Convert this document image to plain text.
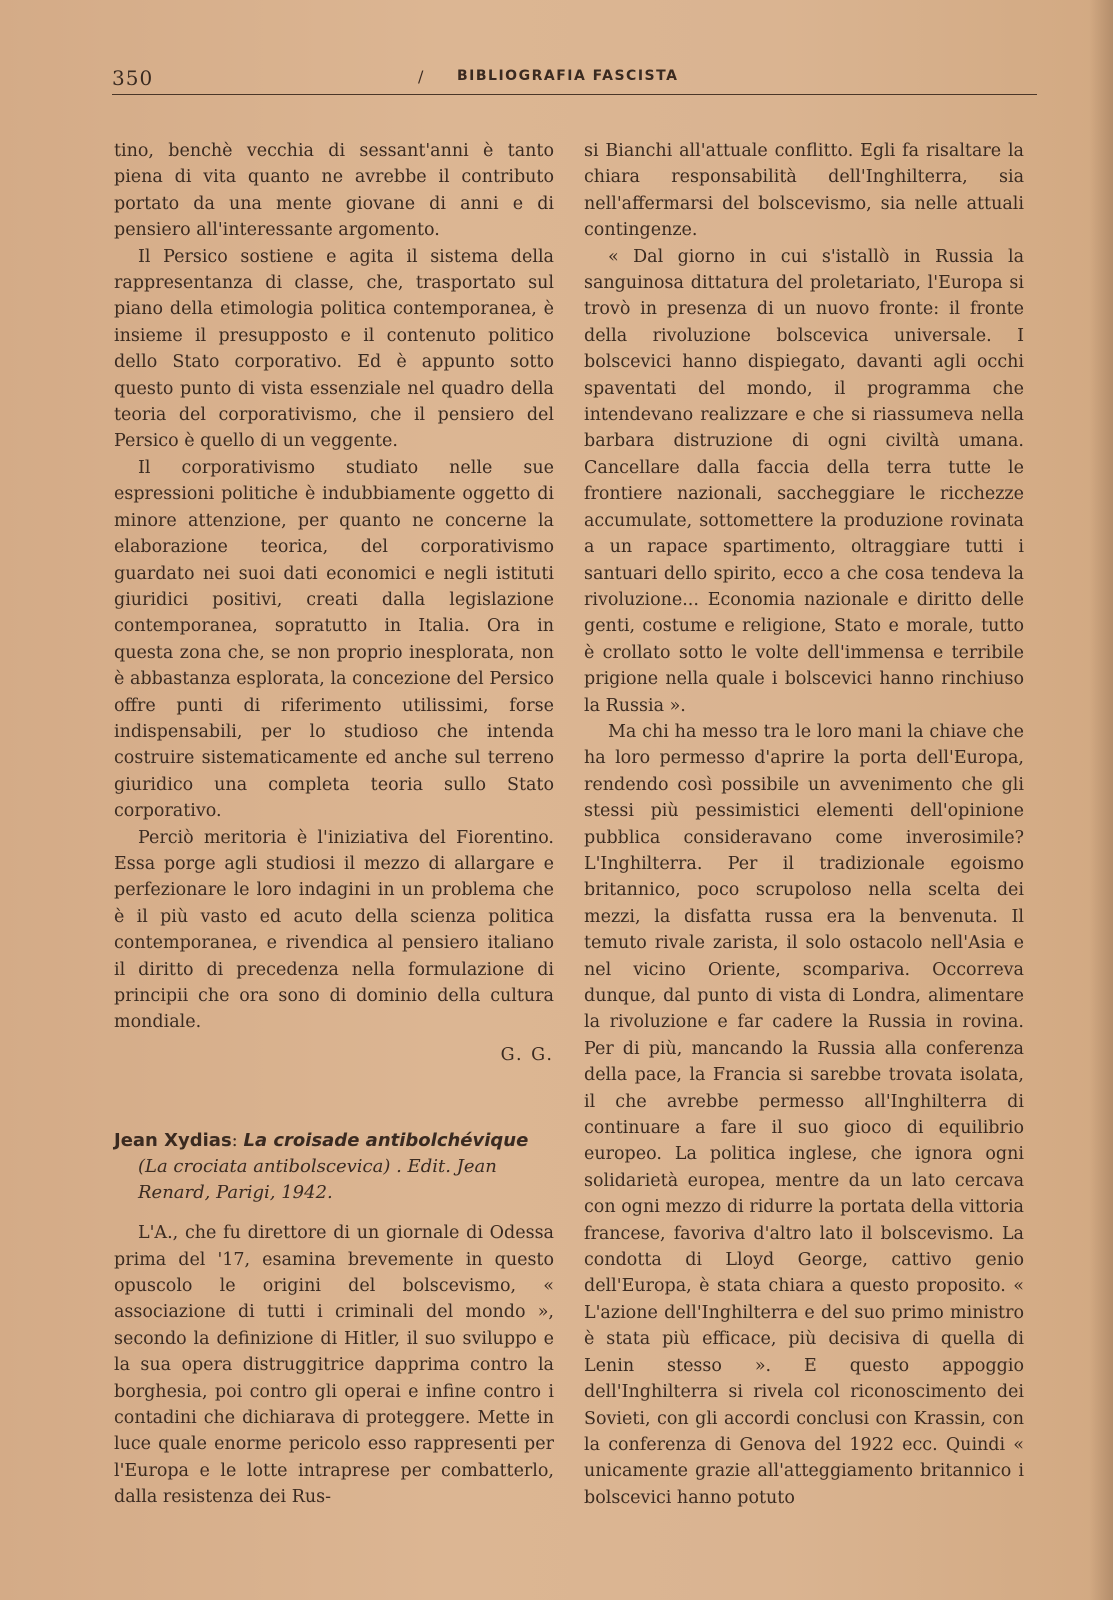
350	/ BIBLIOGRAFIA FASCISTA

tino, benchè vecchia di sessant'anni è tanto piena di vita quanto ne avrebbe il contributo portato da una mente giovane di anni e di pensiero all'interessante argomento.

Il Persico sostiene e agita il sistema della rappresentanza di classe, che, trasportato sul piano della etimologia politica contemporanea, è insieme il presupposto e il contenuto politico dello Stato corporativo. Ed è appunto sotto questo punto di vista essenziale nel quadro della teoria del corporativismo, che il pensiero del Persico è quello di un veggente.

Il corporativismo studiato nelle sue espressioni politiche è indubbiamente oggetto di minore attenzione, per quanto ne concerne la elaborazione teorica, del corporativismo guardato nei suoi dati economici e negli istituti giuridici positivi, creati dalla legislazione contemporanea, sopratutto in Italia. Ora in questa zona che, se non proprio inesplorata, non è abbastanza esplorata, la concezione del Persico offre punti di riferimento utilissimi, forse indispensabili, per lo studioso che intenda costruire sistematicamente ed anche sul terreno giuridico una completa teoria sullo Stato corporativo.

Perciò meritoria è l'iniziativa del Fiorentino. Essa porge agli studiosi il mezzo di allargare e perfezionare le loro indagini in un problema che è il più vasto ed acuto della scienza politica contemporanea, e rivendica al pensiero italiano il diritto di precedenza nella formulazione di principii che ora sono di dominio della cultura mondiale.

G. G.

Jean Xydias: La croisade antibolchévique (La crociata antibolscevica) . Edit. Jean Renard, Parigi, 1942.

L'A., che fu direttore di un giornale di Odessa prima del '17, esamina brevemente in questo opuscolo le origini del bolscevismo, « associazione di tutti i criminali del mondo », secondo la definizione di Hitler, il suo sviluppo e la sua opera distruggitrice dapprima contro la borghesia, poi contro gli operai e infine contro i contadini che dichiarava di proteggere. Mette in luce quale enorme pericolo esso rappresenti per l'Europa e le lotte intraprese per combatterlo, dalla resistenza dei Rus-

si Bianchi all'attuale conflitto. Egli fa risaltare la chiara responsabilità dell'Inghilterra, sia nell'affermarsi del bolscevismo, sia nelle attuali contingenze.

« Dal giorno in cui s'istallò in Russia la sanguinosa dittatura del proletariato, l'Europa si trovò in presenza di un nuovo fronte: il fronte della rivoluzione bolscevica universale. I bolscevici hanno dispiegato, davanti agli occhi spaventati del mondo, il programma che intendevano realizzare e che si riassumeva nella barbara distruzione di ogni civiltà umana. Cancellare dalla faccia della terra tutte le frontiere nazionali, saccheggiare le ricchezze accumulate, sottomettere la produzione rovinata a un rapace spartimento, oltraggiare tutti i santuari dello spirito, ecco a che cosa tendeva la rivoluzione... Economia nazionale e diritto delle genti, costume e religione, Stato e morale, tutto è crollato sotto le volte dell'immensa e terribile prigione nella quale i bolscevici hanno rinchiuso la Russia ».

Ma chi ha messo tra le loro mani la chiave che ha loro permesso d'aprire la porta dell'Europa, rendendo così possibile un avvenimento che gli stessi più pessimistici elementi dell'opinione pubblica consideravano come inverosimile? L'Inghilterra. Per il tradizionale egoismo britannico, poco scrupoloso nella scelta dei mezzi, la disfatta russa era la benvenuta. Il temuto rivale zarista, il solo ostacolo nell'Asia e nel vicino Oriente, scompariva. Occorreva dunque, dal punto di vista di Londra, alimentare la rivoluzione e far cadere la Russia in rovina. Per di più, mancando la Russia alla conferenza della pace, la Francia si sarebbe trovata isolata, il che avrebbe permesso all'Inghilterra di continuare a fare il suo gioco di equilibrio europeo. La politica inglese, che ignora ogni solidarietà europea, mentre da un lato cercava con ogni mezzo di ridurre la portata della vittoria francese, favoriva d'altro lato il bolscevismo. La condotta di Lloyd George, cattivo genio dell'Europa, è stata chiara a questo proposito. « L'azione dell'Inghilterra e del suo primo ministro è stata più efficace, più decisiva di quella di Lenin stesso ». E questo appoggio dell'Inghilterra si rivela col riconoscimento dei Sovieti, con gli accordi conclusi con Krassin, con la conferenza di Genova del 1922 ecc. Quindi « unicamente grazie all'atteggiamento britannico i bolscevici hanno potuto
